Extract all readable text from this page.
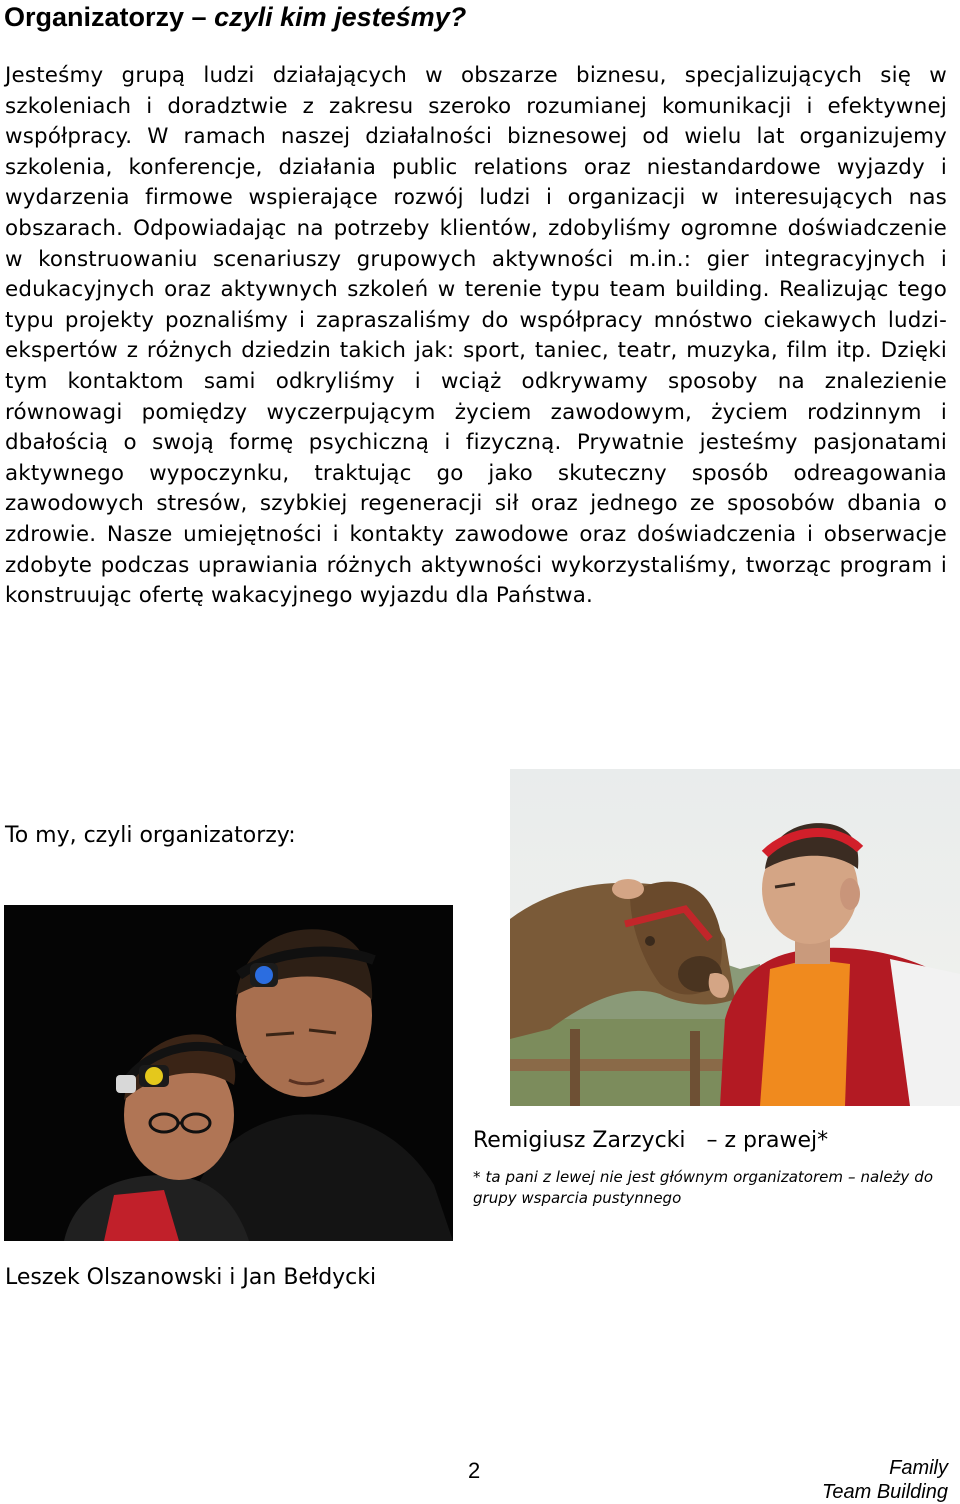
Organizatorzy – czyli kim jesteśmy?

Jesteśmy grupą ludzi działających w obszarze biznesu, specjalizujących się w szkoleniach i doradztwie z zakresu szeroko rozumianej komunikacji i efektywnej współpracy. W ramach naszej działalności biznesowej od wielu lat organizujemy szkolenia, konferencje, działania public relations oraz niestandardowe wyjazdy i wydarzenia firmowe wspierające rozwój ludzi i organizacji w interesujących nas obszarach. Odpowiadając na potrzeby klientów, zdobyliśmy ogromne doświadczenie w konstruowaniu scenariuszy grupowych aktywności m.in.: gier integracyjnych i edukacyjnych oraz aktywnych szkoleń w terenie typu team building. Realizując tego typu projekty poznaliśmy i zapraszaliśmy do współpracy mnóstwo ciekawych ludzi-ekspertów z różnych dziedzin takich jak: sport, taniec, teatr, muzyka, film itp. Dzięki tym kontaktom sami odkryliśmy i wciąż odkrywamy sposoby na znalezienie równowagi pomiędzy wyczerpującym życiem zawodowym, życiem rodzinnym i dbałością o swoją formę psychiczną i fizyczną. Prywatnie jesteśmy pasjonatami aktywnego wypoczynku, traktując go jako skuteczny sposób odreagowania zawodowych stresów, szybkiej regeneracji sił oraz jednego ze sposobów dbania o zdrowie. Nasze umiejętności i kontakty zawodowe oraz doświadczenia i obserwacje zdobyte podczas uprawiania różnych aktywności wykorzystaliśmy, tworząc program i konstruując ofertę wakacyjnego wyjazdu dla Państwa.

To my, czyli organizatorzy:
Remigiusz Zarzycki   – z prawej*
* ta pani z lewej nie jest głównym organizatorem – należy do grupy wsparcia pustynnego
Leszek Olszanowski i Jan Bełdycki
2	Family
Team Building
